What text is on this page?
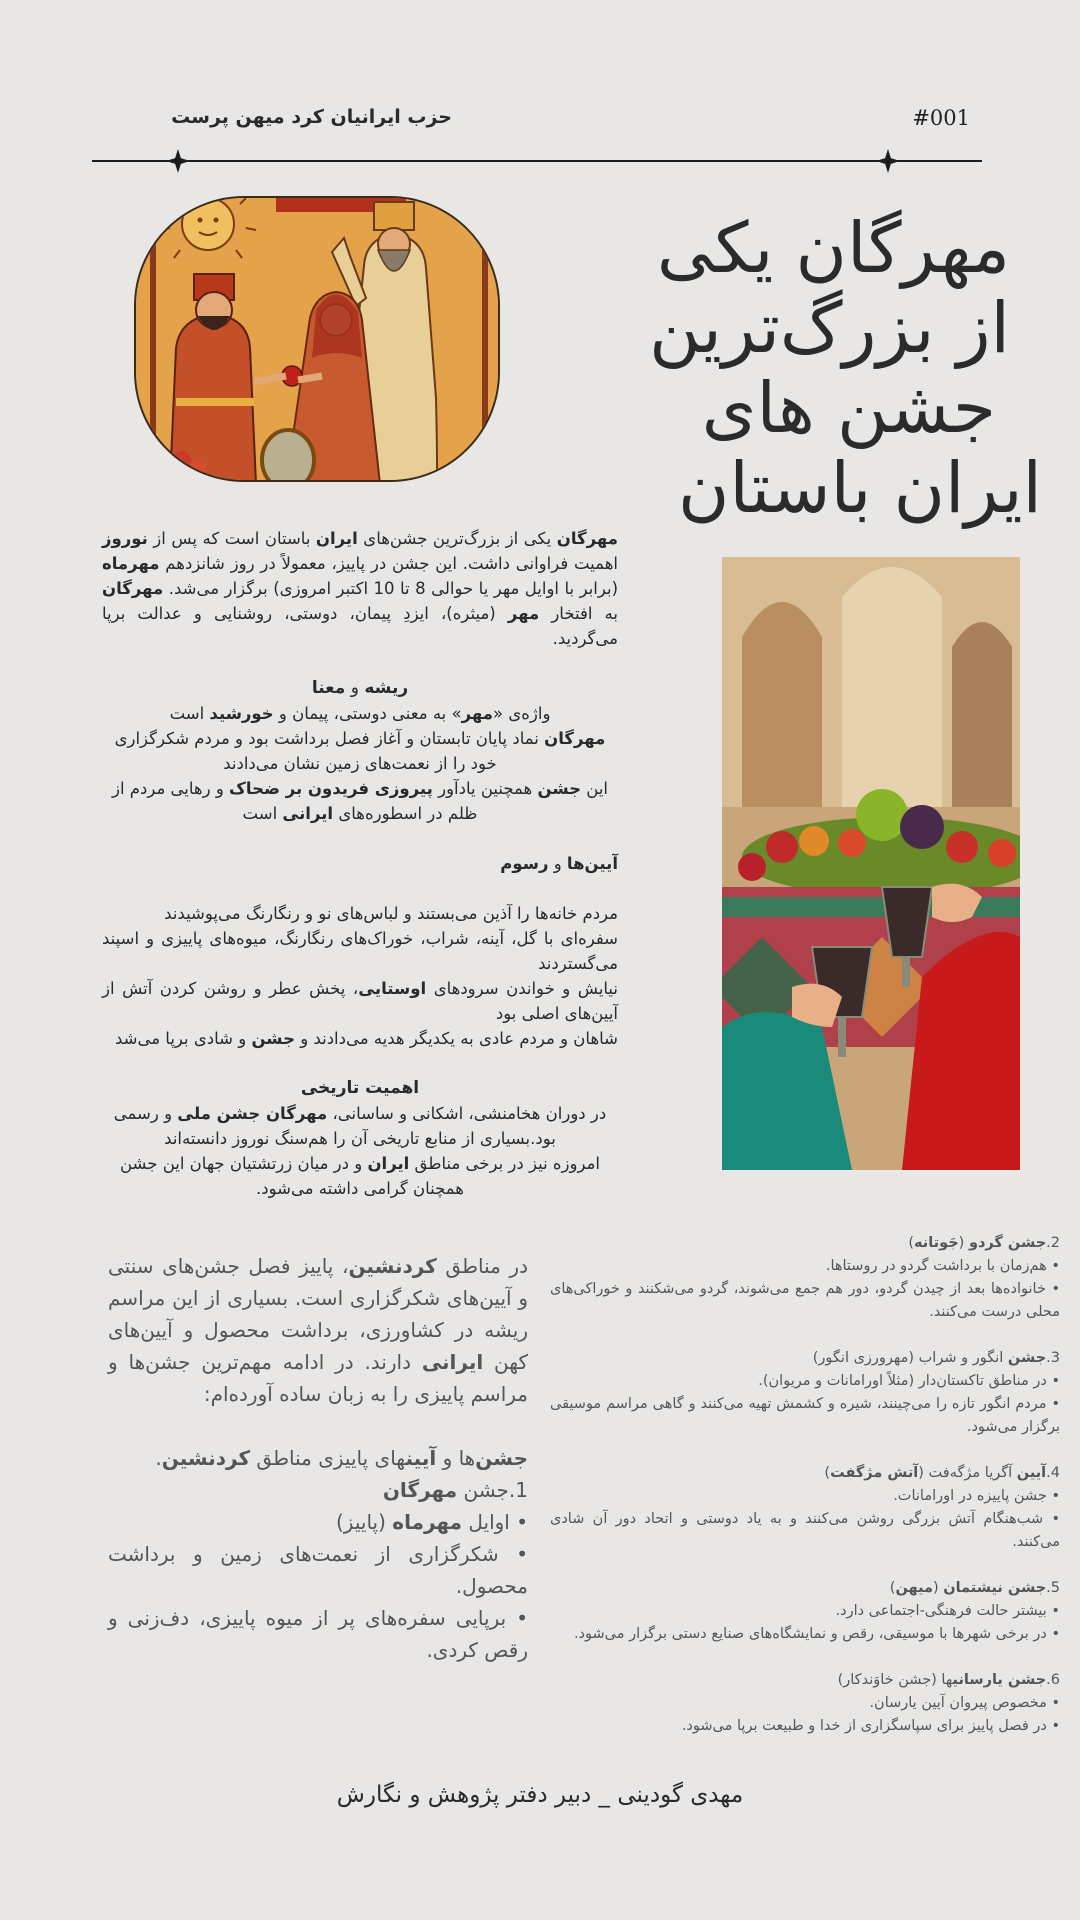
حزب ایرانیان کرد میهن پرست	#001
مهرگان یکی
از بزرگ‌ترین
جشن های
ایران باستان

مهرگان یکی از بزرگ‌ترین جشن‌های ایران باستان است که پس از نوروز اهمیت فراوانی داشت. این جشن در پاییز، معمولاً در روز شانزدهم مهرماه (برابر با اوایل مهر یا حوالی 8 تا 10 اکتبر امروزی) برگزار می‌شد. مهرگان به افتخار مهر (میثره)، ایزدِ پیمان، دوستی، روشنایی و عدالت برپا می‌گردید.

ریشه و معنا
واژه‌ی «مهر» به معنی دوستی، پیمان و خورشید است
مهرگان نماد پایان تابستان و آغاز فصل برداشت بود و مردم شکرگزاری خود را از نعمت‌های زمین نشان می‌دادند
این جشن همچنین یادآور پیروزی فریدون بر ضحاک و رهایی مردم از ظلم در اسطوره‌های ایرانی است
آیین‌ها و رسوم
مردم خانه‌ها را آذین می‌بستند و لباس‌های نو و رنگارنگ می‌پوشیدند
سفره‌ای با گل، آینه، شراب، خوراک‌های رنگارنگ، میوه‌های پاییزی و اسپند می‌گستردند
نیایش و خواندن سرودهای اوستایی، پخش عطر و روشن کردن آتش از آیین‌های اصلی بود
شاهان و مردم عادی به یکدیگر هدیه می‌دادند و جشن و شادی برپا می‌شد
اهمیت تاریخی
در دوران هخامنشی، اشکانی و ساسانی، مهرگان جشن ملی و رسمی بود.بسیاری از منابع تاریخی آن را هم‌سنگ نوروز دانسته‌اند
امروزه نیز در برخی مناطق ایران و در میان زرتشتیان جهان این جشن همچنان گرامی داشته می‌شود.

در مناطق کردنشین، پاییز فصل جشن‌های سنتی و آیین‌های شکرگزاری است. بسیاری از این مراسم ریشه در کشاورزی، برداشت محصول و آیین‌های کهن ایرانی دارند. در ادامه مهم‌ترین جشن‌ها و مراسم پاییزی را به زبان ساده آورده‌ام:

جشن‌ها و آیینهای پاییزی مناطق کردنشین.
1.جشن مهرگان
• اوایل مهرماه (پاییز)
• شکرگزاری از نعمت‌های زمین و برداشت محصول.
• برپایی سفره‌های پر از میوه پاییزی، دف‌زنی و رقص کردی.
2.جشن گردو (جَوتانه)
• هم‌زمان با برداشت گردو در روستاها.
• خانواده‌ها بعد از چیدن گردو، دور هم جمع می‌شوند، گردو می‌شکنند و خوراکی‌های محلی درست می‌کنند.
3.جشن انگور و شراب (مهرورزی انگور)
• در مناطق تاکستان‌دار (مثلاً اورامانات و مریوان).
• مردم انگور تازه را می‌چینند، شیره و کشمش تهیه می‌کنند و گاهی مراسم موسیقی برگزار می‌شود.
4.آیین آگریا مژگه‌فت (آتش مژگفت)
• جشن پاییزه در اورامانات.
• شب‌هنگام آتش بزرگی روشن می‌کنند و به یاد دوستی و اتحاد دور آن شادی می‌کنند.
5.جشن نیشتمان (میهن)
• بیشتر حالت فرهنگی-اجتماعی دارد.
• در برخی شهرها با موسیقی، رقص و نمایشگاه‌های صنایع دستی برگزار می‌شود.
6.جشن یارسانیها (جشن خاوَندکار)
• مخصوص پیروان آیین یارسان.
• در فصل پاییز برای سپاسگزاری از خدا و طبیعت برپا می‌شود.
مهدی گودینی _ دبیر دفتر پژوهش و نگارش
